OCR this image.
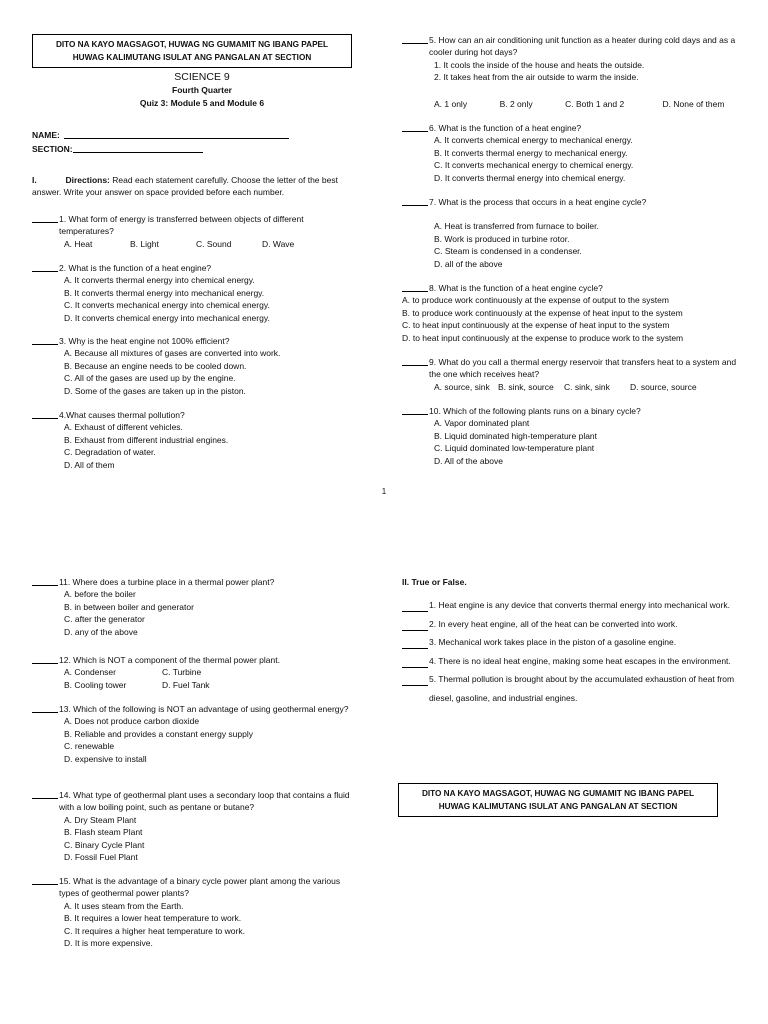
DITO NA KAYO MAGSAGOT, HUWAG NG GUMAMIT NG IBANG PAPEL
HUWAG KALIMUTANG ISULAT ANG PANGALAN AT SECTION
SCIENCE 9
Fourth Quarter
Quiz 3: Module 5 and Module 6
NAME:
SECTION:
I.	Directions: Read each statement carefully. Choose the letter of the best answer. Write your answer on space provided before each number.
1. What form of energy is transferred between objects of different temperatures?
A. Heat	B. Light	C. Sound	D. Wave
2. What is the function of a heat engine?
A. It converts thermal energy into chemical energy.
B. It converts thermal energy into mechanical energy.
C. It converts mechanical energy into chemical energy.
D. It converts chemical energy into mechanical energy.
3. Why is the heat engine not 100% efficient?
A. Because all mixtures of gases are converted into work.
B. Because an engine needs to be cooled down.
C. All of the gases are used up by the engine.
D. Some of the gases are taken up in the piston.
4.What causes thermal pollution?
A. Exhaust of different vehicles.
B. Exhaust from different industrial engines.
C. Degradation of water.
D. All of them
5. How can an air conditioning unit function as a heater during cold days and as a cooler during hot days?
1. It cools the inside of the house and heats the outside.
2. It takes heat from the air outside to warm the inside.
A. 1 only	B. 2 only	C. Both 1 and 2	D. None of them
6. What is the function of a heat engine?
A. It converts chemical energy to mechanical energy.
B. It converts thermal energy to mechanical energy.
C. It converts mechanical energy to chemical energy.
D. It converts thermal energy into chemical energy.
7. What is the process that occurs in a heat engine cycle?
A. Heat is transferred from furnace to boiler.
B. Work is produced in turbine rotor.
C. Steam is condensed in a condenser.
D. all of the above
8. What is the function of a heat engine cycle?
A. to produce work continuously at the expense of output to the system
B. to produce work continuously at the expense of heat input to the system
C. to heat input continuously at the expense of heat input to the system
D. to heat input continuously at the expense to produce work to the system
9. What do you call a thermal energy reservoir that transfers heat to a system and the one which receives heat?
A. source, sink B. sink, source	C. sink, sink	D. source, source
10. Which of the following plants runs on a binary cycle?
A. Vapor dominated plant
B. Liquid dominated high-temperature plant
C. Liquid dominated low-temperature plant
D. All of the above
1
11. Where does a turbine place in a thermal power plant?
A. before the boiler
B. in between boiler and generator
C. after the generator
D. any of the above
12. Which is NOT a component of the thermal power plant.
A. Condenser	C. Turbine
B. Cooling tower	D. Fuel Tank
13. Which of the following is NOT an advantage of using geothermal energy?
A. Does not produce carbon dioxide
B. Reliable and provides a constant energy supply
C. renewable
D. expensive to install
14. What type of geothermal plant uses a secondary loop that contains a fluid with a low boiling point, such as pentane or butane?
A. Dry Steam Plant
B. Flash steam Plant
C. Binary Cycle Plant
D. Fossil Fuel Plant
15. What is the advantage of a binary cycle power plant among the various types of geothermal power plants?
A. It uses steam from the Earth.
B. It requires a lower heat temperature to work.
C. It requires a higher heat temperature to work.
D. It is more expensive.
II. True or False.
1. Heat engine is any device that converts thermal energy into mechanical work.
2. In every heat engine, all of the heat can be converted into work.
3. Mechanical work takes place in the piston of a gasoline engine.
4. There is no ideal heat engine, making some heat escapes in the environment.
5. Thermal pollution is brought about by the accumulated exhaustion of heat from diesel, gasoline, and industrial engines.
DITO NA KAYO MAGSAGOT, HUWAG NG GUMAMIT NG IBANG PAPEL
HUWAG KALIMUTANG ISULAT ANG PANGALAN AT SECTION
